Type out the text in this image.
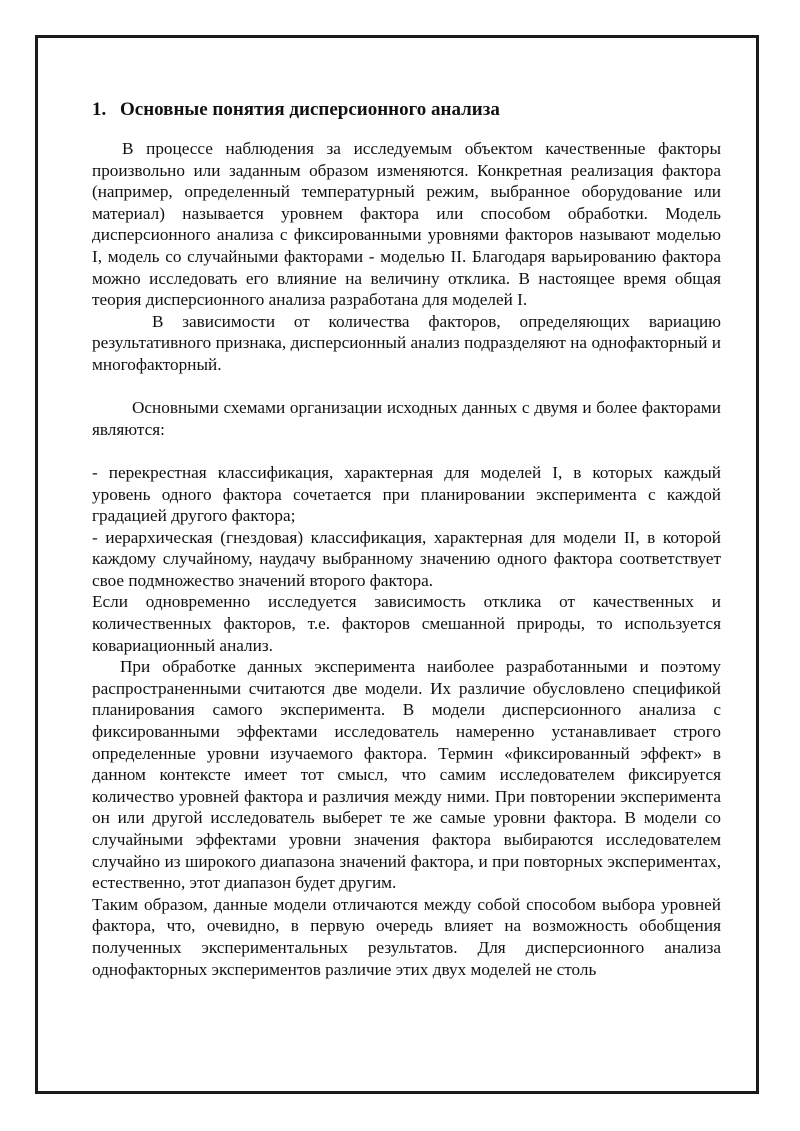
1. Основные понятия дисперсионного анализа

В процессе наблюдения за исследуемым объектом качественные факторы произвольно или заданным образом изменяются. Конкретная реализация фактора (например, определенный температурный режим, выбранное оборудование или материал) называется уровнем фактора или способом обработки. Модель дисперсионного анализа с фиксированными уровнями факторов называют моделью I, модель со случайными факторами - моделью II. Благодаря варьированию фактора можно исследовать его влияние на величину отклика. В настоящее время общая теория дисперсионного анализа разработана для моделей I.

В зависимости от количества факторов, определяющих вариацию результативного признака, дисперсионный анализ подразделяют на однофакторный и многофакторный.

Основными схемами организации исходных данных с двумя и более факторами являются:

- перекрестная классификация, характерная для моделей I, в которых каждый уровень одного фактора сочетается при планировании эксперимента с каждой градацией другого фактора;

- иерархическая (гнездовая) классификация, характерная для модели II, в которой каждому случайному, наудачу выбранному значению одного фактора соответствует свое подмножество значений второго фактора.

Если одновременно исследуется зависимость отклика от качественных и количественных факторов, т.е. факторов смешанной природы, то используется ковариационный анализ.

При обработке данных эксперимента наиболее разработанными и поэтому распространенными считаются две модели. Их различие обусловлено спецификой планирования самого эксперимента. В модели дисперсионного анализа с фиксированными эффектами исследователь намеренно устанавливает строго определенные уровни изучаемого фактора. Термин «фиксированный эффект» в данном контексте имеет тот смысл, что самим исследователем фиксируется количество уровней фактора и различия между ними. При повторении эксперимента он или другой исследователь выберет те же самые уровни фактора. В модели со случайными эффектами уровни значения фактора выбираются исследователем случайно из широкого диапазона значений фактора, и при повторных экспериментах, естественно, этот диапазон будет другим.

Таким образом, данные модели отличаются между собой способом выбора уровней фактора, что, очевидно, в первую очередь влияет на возможность обобщения полученных экспериментальных результатов. Для дисперсионного анализа однофакторных экспериментов различие этих двух моделей не столь
